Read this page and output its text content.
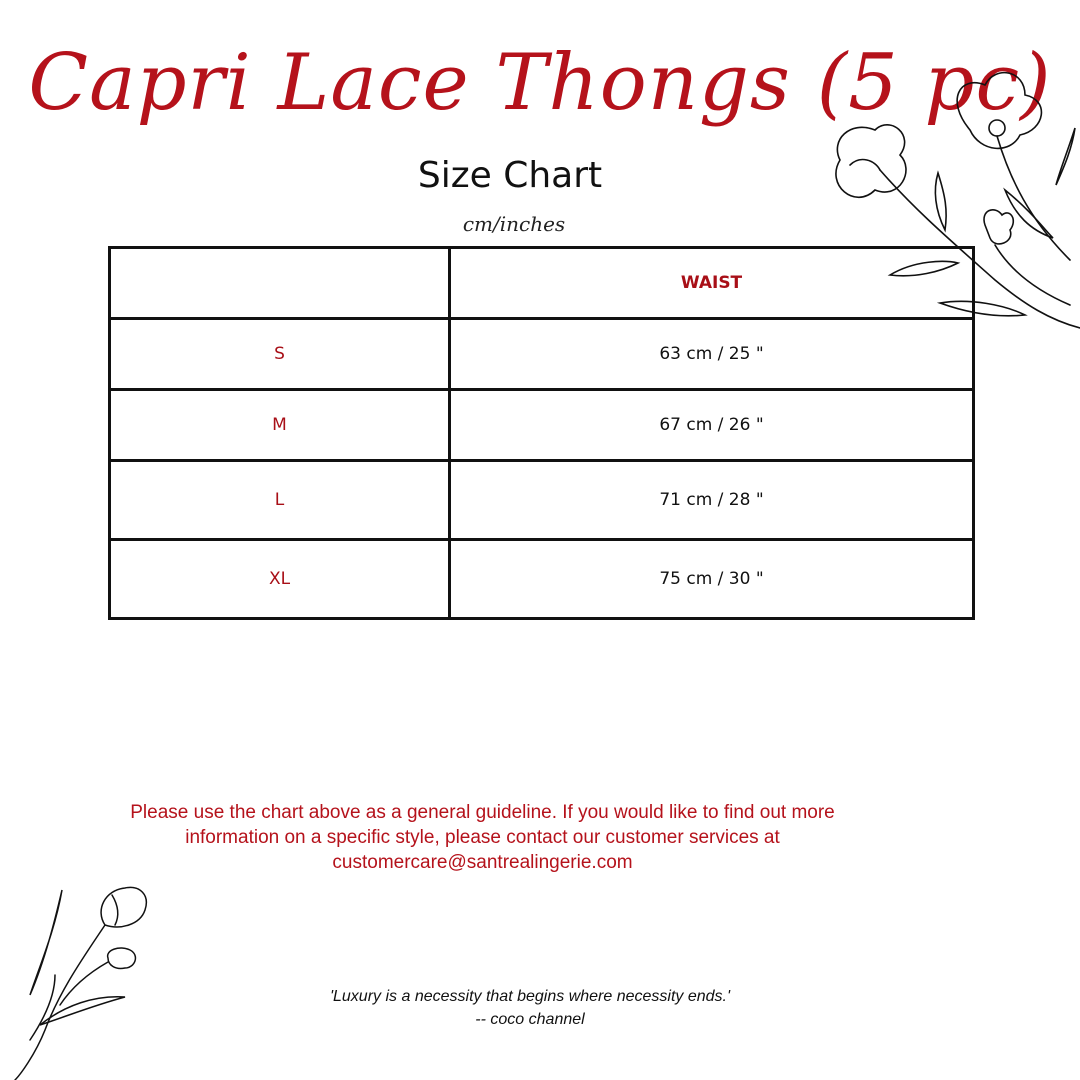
Capri Lace Thongs (5 pc)
Size Chart
cm/inches
	WAIST
S	63 cm / 25 "
M	67 cm / 26 "
L	71 cm / 28 "
XL	75 cm / 30 "
Please use the chart above as a general guideline. If you would like to find out more information on a specific style, please contact our customer services at
customercare@santrealingerie.com
'Luxury is a necessity that begins where necessity ends.'
-- coco channel
